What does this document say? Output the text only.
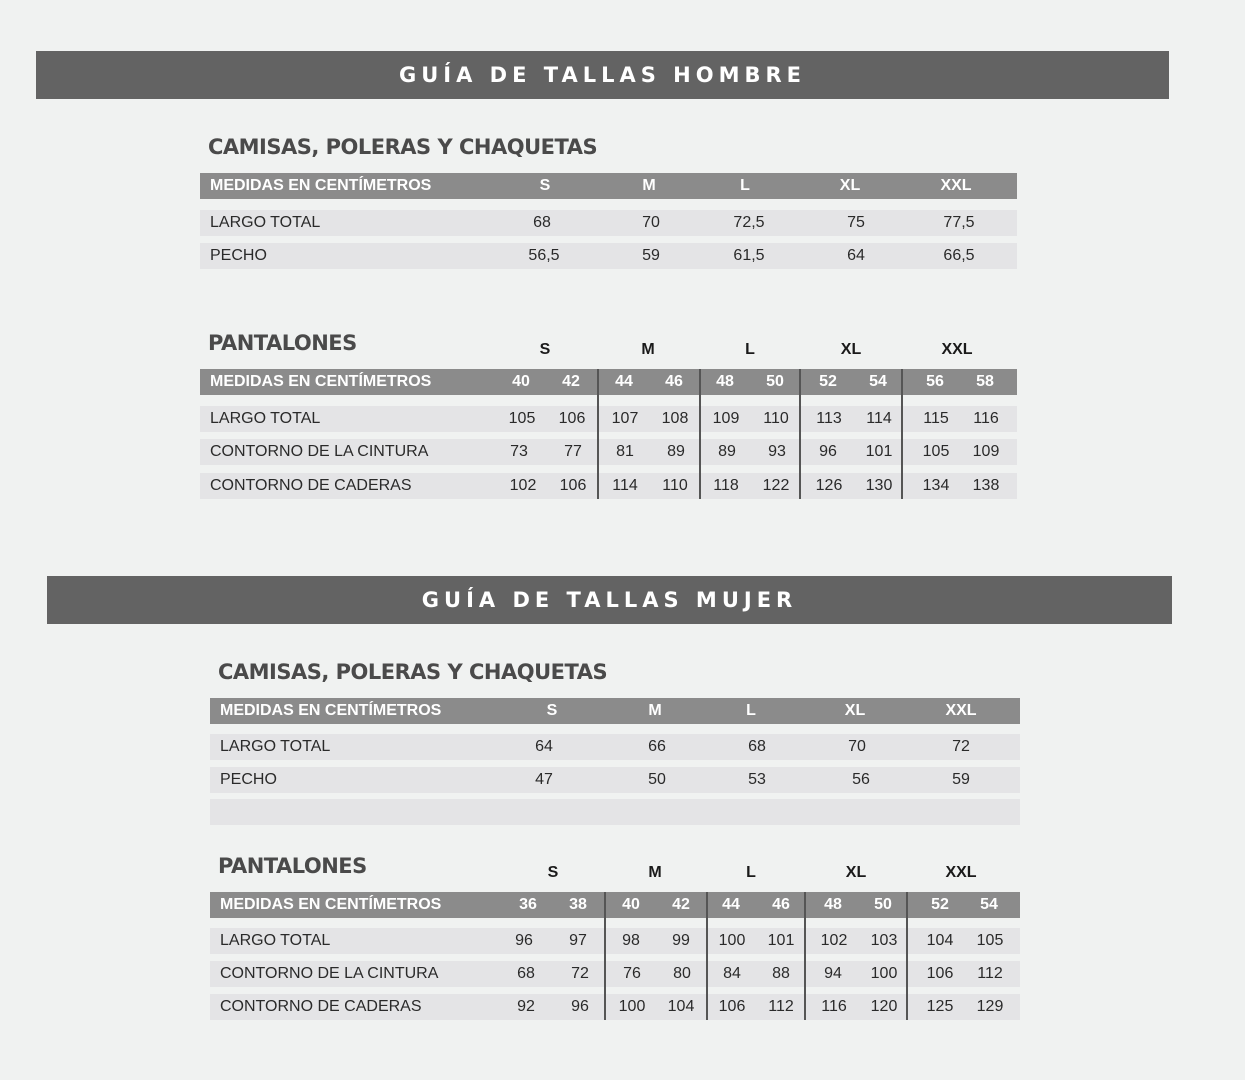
GUÍA DE TALLAS HOMBRE
CAMISAS, POLERAS Y CHAQUETAS
MEDIDAS EN CENTÍMETROS	S	M	L	XL	XXL
LARGO TOTAL	68	70	72,5	75	77,5
PECHO	56,5	59	61,5	64	66,5
PANTALONES	S	M	L	XL	XXL
MEDIDAS EN CENTÍMETROS	40	42	44	46	48	50	52	54	56	58
LARGO TOTAL	105	106	107	108	109	110	113	114	115	116
CONTORNO DE LA CINTURA	73	77	81	89	89	93	96	101	105	109
CONTORNO DE CADERAS	102	106	114	110	118	122	126	130	134	138
GUÍA DE TALLAS MUJER
CAMISAS, POLERAS Y CHAQUETAS
MEDIDAS EN CENTÍMETROS	S	M	L	XL	XXL
LARGO TOTAL	64	66	68	70	72
PECHO	47	50	53	56	59
PANTALONES	S	M	L	XL	XXL
MEDIDAS EN CENTÍMETROS	36	38	40	42	44	46	48	50	52	54
LARGO TOTAL	96	97	98	99	100	101	102	103	104	105
CONTORNO DE LA CINTURA	68	72	76	80	84	88	94	100	106	112
CONTORNO DE CADERAS	92	96	100	104	106	112	116	120	125	129
